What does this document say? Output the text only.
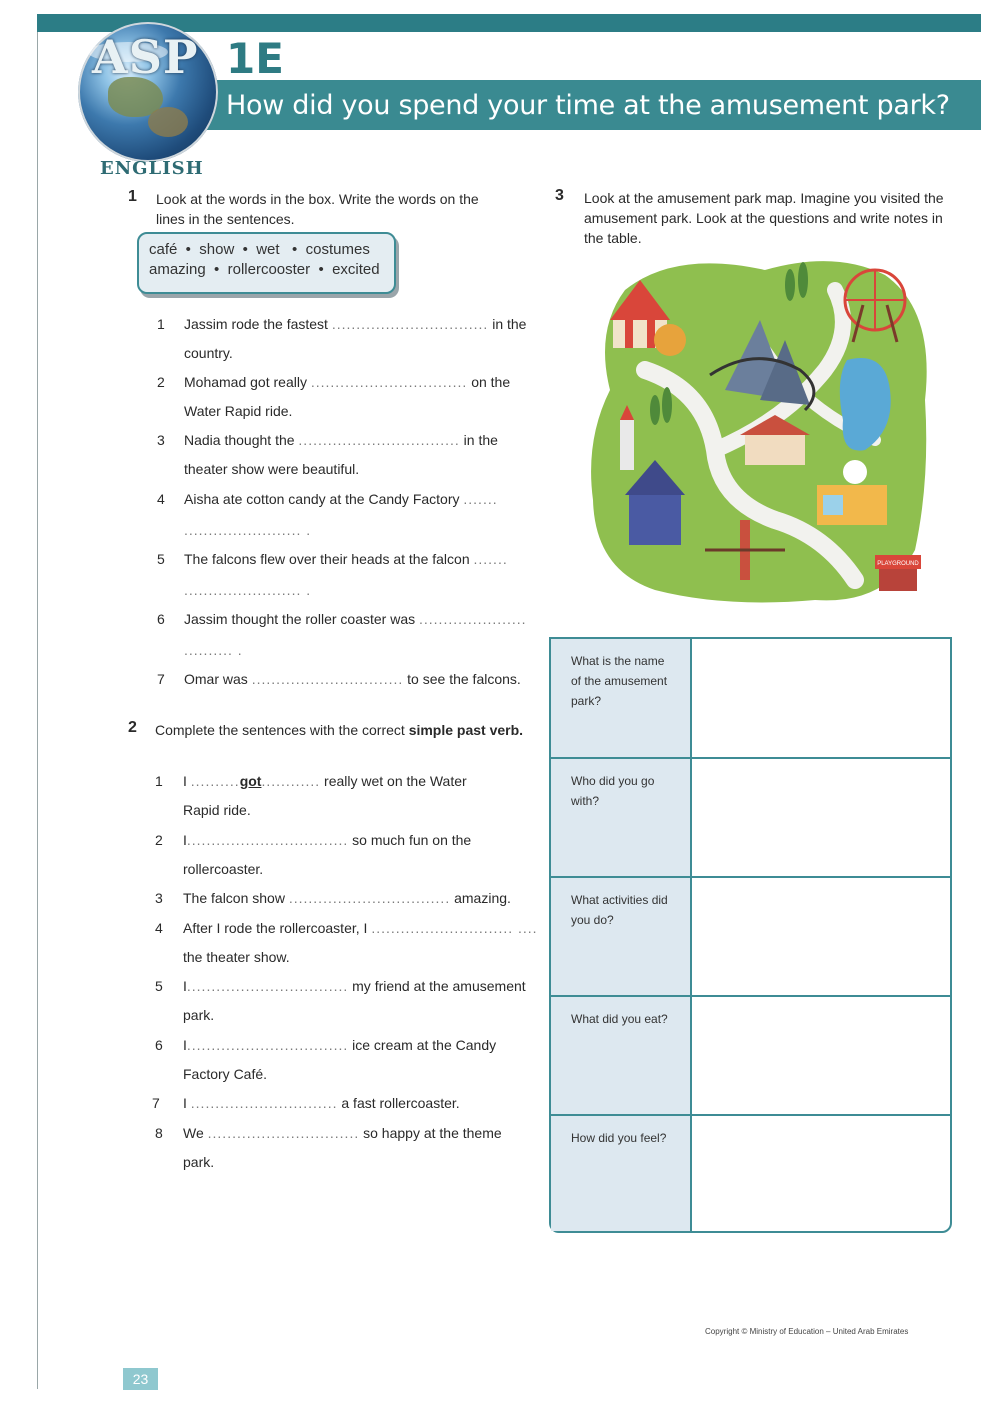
ASP 1E
How did you spend your time at the amusement park?
ENGLISH
1 Look at the words in the box. Write the words on the lines in the sentences.
café  •  show  •  wet   •  costumes
amazing  •  rollercooster  •  excited
1 Jassim rode the fastest ................................ in the
country.
2 Mohamad got really ................................ on the
Water Rapid ride.
3 Nadia thought the ................................. in the
theater show were beautiful.
4 Aisha ate cotton candy at the Candy Factory .......
........................ .
5 The falcons flew over their heads at the falcon .......
........................ .
6 Jassim thought the roller coaster was ......................
.......... .
7 Omar was ............................... to see the falcons.
2 Complete the sentences with the correct simple past verb.
1 I ..........got............ really wet on the Water
Rapid ride.
2 I................................. so much fun on the
rollercoaster.
3 The falcon show ................................. amazing.
4 After I rode the rollercoaster, I ............................. ....
the theater show.
5 I................................. my friend at the amusement
park.
6 I................................. ice cream at the Candy
Factory Café.
7 I .............................. a fast rollercoaster.
8 We ............................... so happy at the theme
park.
3 Look at the amusement park map. Imagine you visited the amusement park. Look at the questions and write notes in the table.
PLAYGROUND
What is the name of the amusement park?
Who did you go with?
What activities did you do?
What did you eat?
How did you feel?
Copyright © Ministry of Education – United Arab Emirates
23
